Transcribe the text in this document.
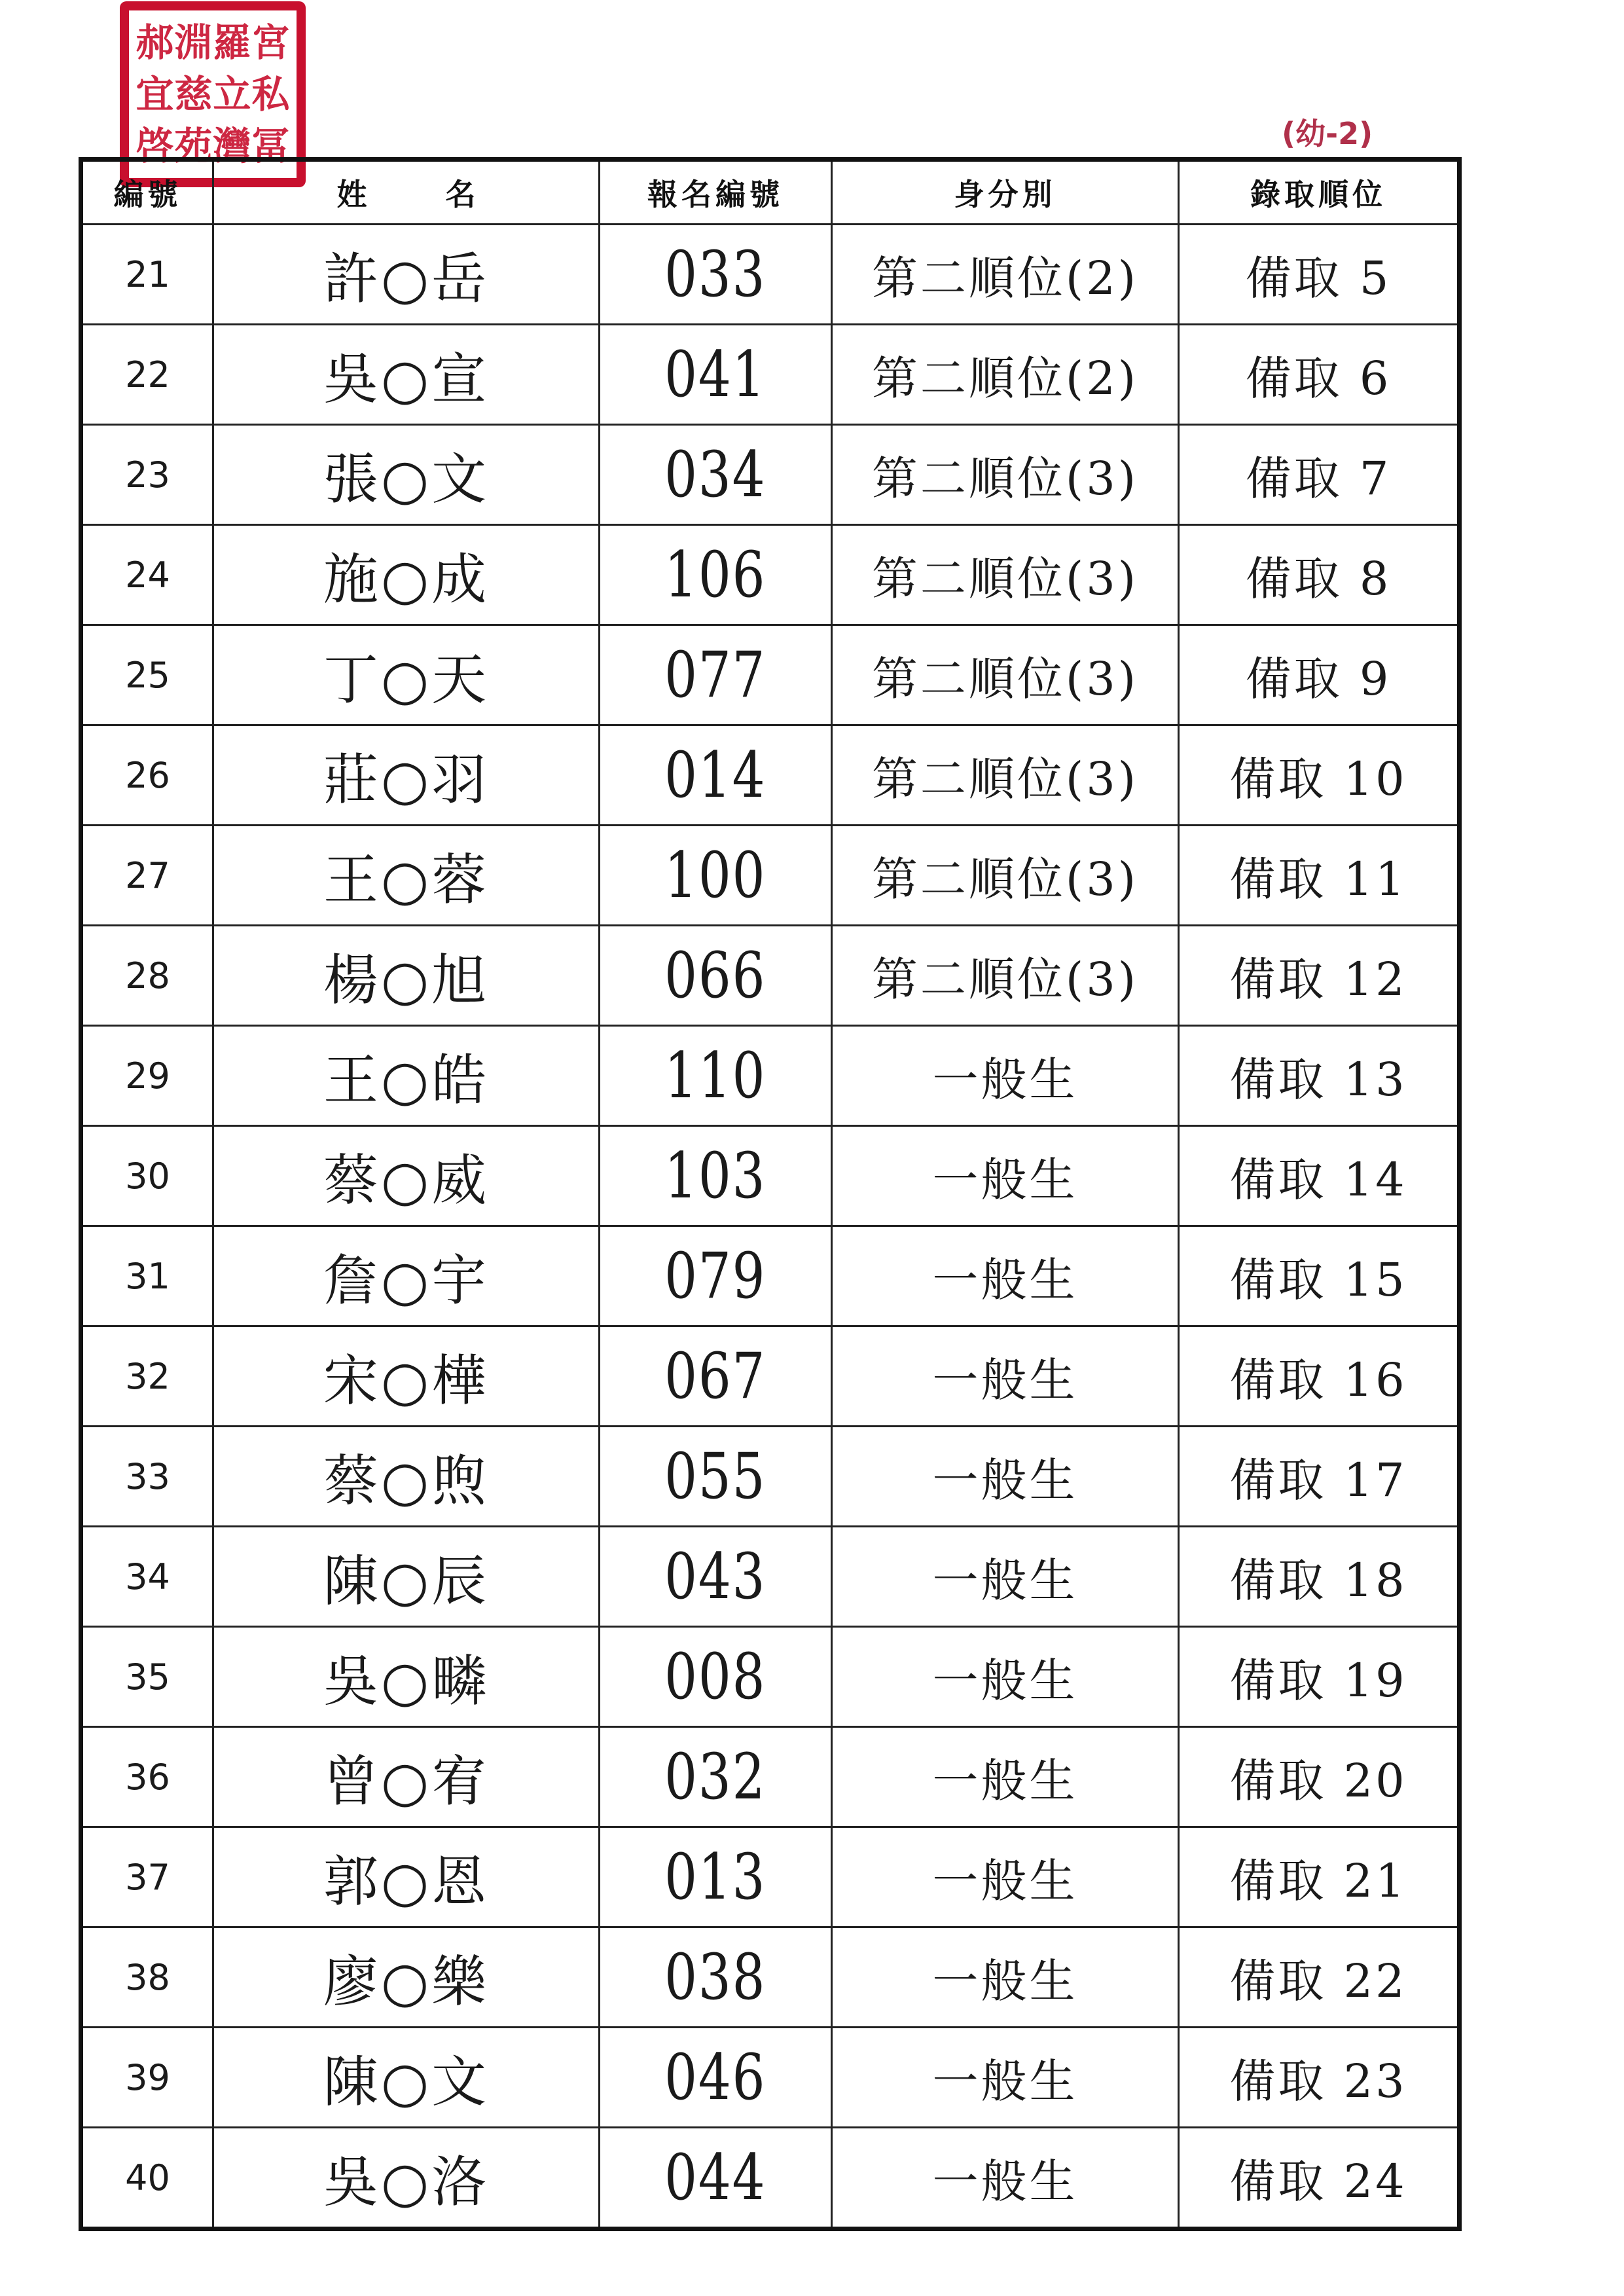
宮
羅
淵
郝
私
立
慈
宜
冨
灣
苑
啓	(幼-2)
編號	姓名	報名編號	身分別	錄取順位
21	許○岳	033	第二順位(2)	備取 5
22	吳○宣	041	第二順位(2)	備取 6
23	張○文	034	第二順位(3)	備取 7
24	施○成	106	第二順位(3)	備取 8
25	丁○天	077	第二順位(3)	備取 9
26	莊○羽	014	第二順位(3)	備取 10
27	王○蓉	100	第二順位(3)	備取 11
28	楊○旭	066	第二順位(3)	備取 12
29	王○皓	110	一般生	備取 13
30	蔡○威	103	一般生	備取 14
31	詹○宇	079	一般生	備取 15
32	宋○樺	067	一般生	備取 16
33	蔡○煦	055	一般生	備取 17
34	陳○辰	043	一般生	備取 18
35	吳○疄	008	一般生	備取 19
36	曾○宥	032	一般生	備取 20
37	郭○恩	013	一般生	備取 21
38	廖○樂	038	一般生	備取 22
39	陳○文	046	一般生	備取 23
40	吳○洛	044	一般生	備取 24
